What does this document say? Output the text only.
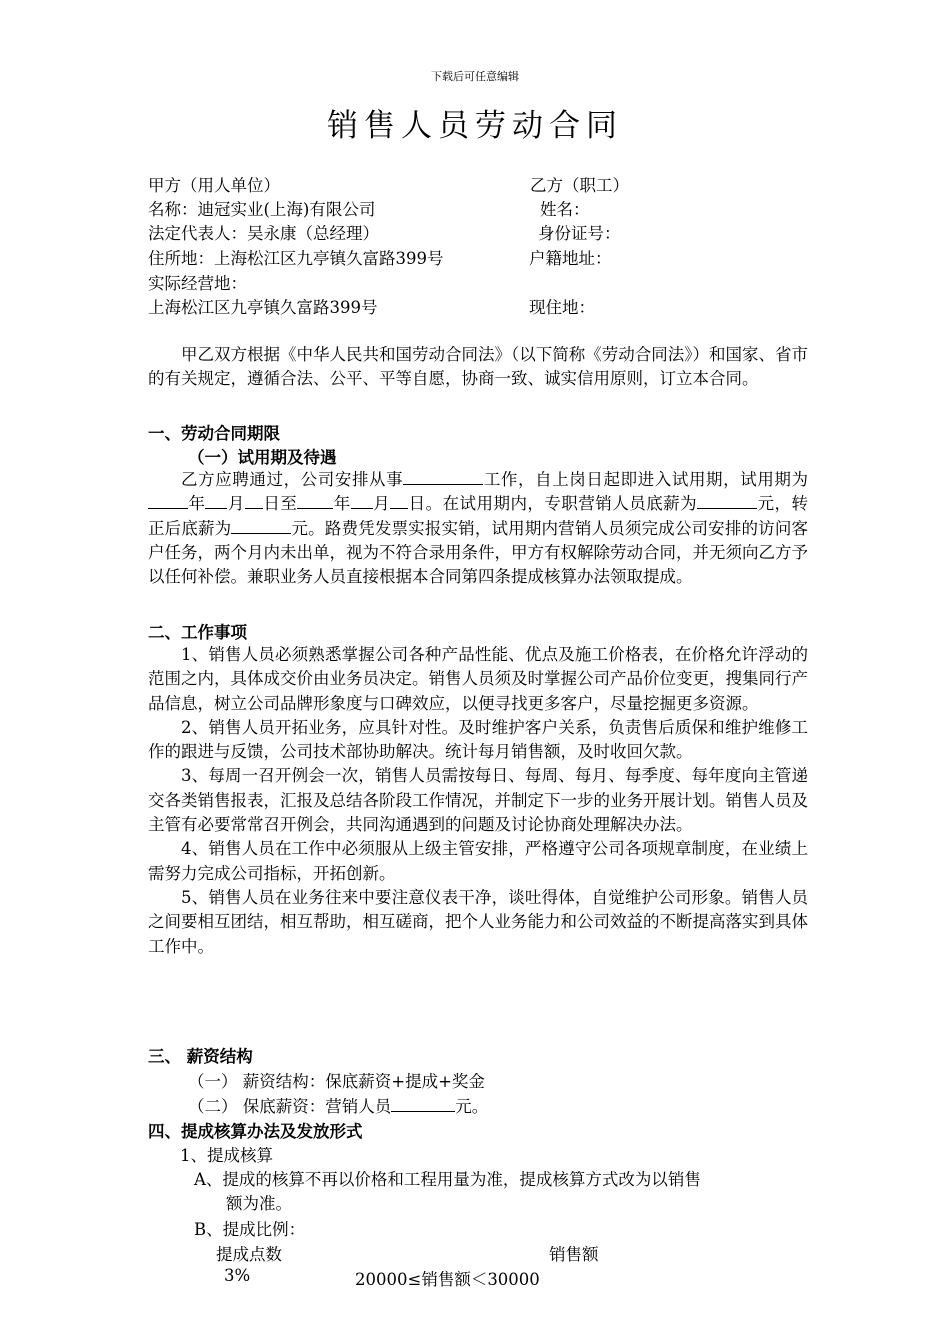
下载后可任意编辑
销售人员劳动合同
甲方（用人单位）	乙方（职工）
名称：迪冠实业(上海)有限公司	姓名：
法定代表人：吴永康（总经理）	身份证号：
住所地：上海松江区九亭镇久富路399号	户籍地址：
实际经营地：
上海松江区九亭镇久富路399号	现住地：

甲乙双方根据《中华人民共和国劳动合同法》（以下简称《劳动合同法》）和国家、省市的有关规定，遵循合法、公平、平等自愿，协商一致、诚实信用原则，订立本合同。

一、劳动合同期限
（一）试用期及待遇

乙方应聘通过，公司安排从事	工作，自上岗日起即进入试用期，试用期为年 月 日至 年 月 日。在试用期内，专职营销人员底薪为	元，转正后底薪为	元。路费凭发票实报实销，试用期内营销人员须完成公司安排的访问客户任务，两个月内未出单，视为不符合录用条件，甲方有权解除劳动合同，并无须向乙方予以任何补偿。兼职业务人员直接根据本合同第四条提成核算办法领取提成。

二、工作事项

1、销售人员必须熟悉掌握公司各种产品性能、优点及施工价格表，在价格允许浮动的范围之内，具体成交价由业务员决定。销售人员须及时掌握公司产品价位变更，搜集同行产品信息，树立公司品牌形象度与口碑效应，以便寻找更多客户，尽量挖掘更多资源。

2、销售人员开拓业务，应具针对性。及时维护客户关系，负责售后质保和维护维修工作的跟进与反馈，公司技术部协助解决。统计每月销售额，及时收回欠款。

3、每周一召开例会一次，销售人员需按每日、每周、每月、每季度、每年度向主管递交各类销售报表，汇报及总结各阶段工作情况，并制定下一步的业务开展计划。销售人员及主管有必要常常召开例会，共同沟通遇到的问题及讨论协商处理解决办法。

4、销售人员在工作中必须服从上级主管安排，严格遵守公司各项规章制度，在业绩上需努力完成公司指标，开拓创新。

5、销售人员在业务往来中要注意仪表干净，谈吐得体，自觉维护公司形象。销售人员之间要相互团结，相互帮助，相互磋商，把个人业务能力和公司效益的不断提高落实到具体工作中。

三、 薪资结构
（一） 薪资结构：保底薪资+提成+奖金
（二） 保底薪资：营销人员	元。
四、提成核算办法及发放形式
1、提成核算
A、提成的核算不再以价格和工程用量为准，提成核算方式改为以销售
额为准。
B、提成比例：
提成点数	销售额
3%	20000≤销售额＜30000
